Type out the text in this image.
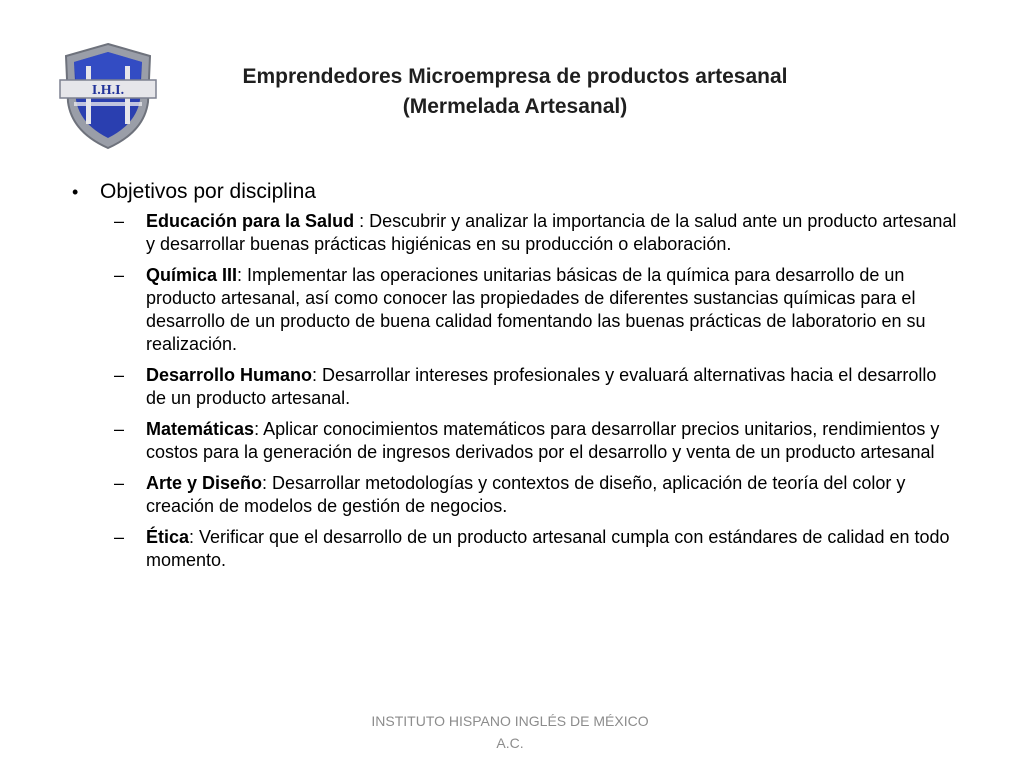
I.H.I.
Emprendedores Microempresa de productos artesanal
(Mermelada Artesanal)
• Objetivos por disciplina
– Educación para la Salud : Descubrir y analizar la importancia de la salud ante un producto artesanal y desarrollar buenas prácticas higiénicas en su producción o elaboración.
– Química III: Implementar las operaciones unitarias básicas de la química para desarrollo de un producto artesanal, así como conocer las propiedades de diferentes sustancias químicas para el desarrollo de un producto de buena calidad fomentando las buenas prácticas de laboratorio en su realización.
– Desarrollo Humano: Desarrollar intereses profesionales y evaluará alternativas hacia el desarrollo de un producto artesanal.
– Matemáticas: Aplicar conocimientos matemáticos para desarrollar precios unitarios, rendimientos y costos para la generación de ingresos derivados por el desarrollo y venta de un producto artesanal
– Arte y Diseño: Desarrollar metodologías y contextos de diseño, aplicación de teoría del color y creación de modelos de gestión de negocios.
– Ética: Verificar que el desarrollo de un producto artesanal cumpla con estándares de calidad en todo momento.
INSTITUTO HISPANO INGLÉS DE MÉXICO
A.C.
